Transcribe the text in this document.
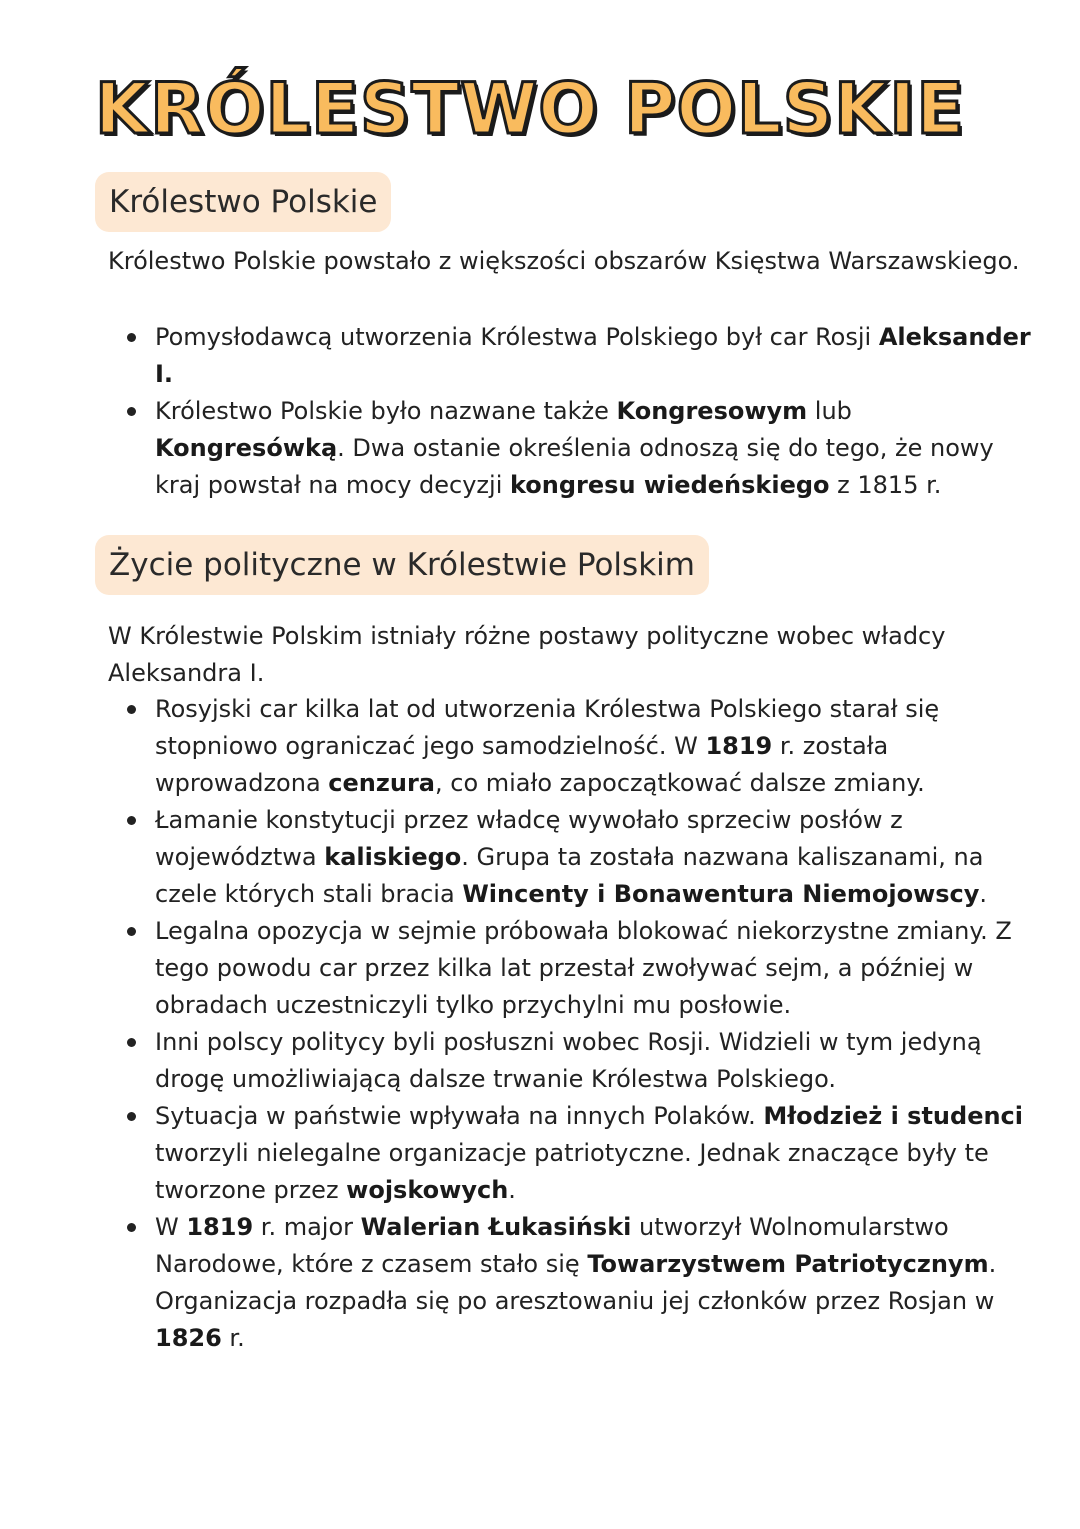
KRÓLESTWO POLSKIE
Królestwo Polskie

Królestwo Polskie powstało z większości obszarów Księstwa Warszawskiego.

Pomysłodawcą utworzenia Królestwa Polskiego był car Rosji Aleksander I.
Królestwo Polskie było nazwane także Kongresowym lub Kongresówką. Dwa ostanie określenia odnoszą się do tego, że nowy kraj powstał na mocy decyzji kongresu wiedeńskiego z 1815 r.
Życie polityczne w Królestwie Polskim

W Królestwie Polskim istniały różne postawy polityczne wobec władcy Aleksandra I.

Rosyjski car kilka lat od utworzenia Królestwa Polskiego starał się stopniowo ograniczać jego samodzielność. W 1819 r. została wprowadzona cenzura, co miało zapoczątkować dalsze zmiany.
Łamanie konstytucji przez władcę wywołało sprzeciw posłów z województwa kaliskiego. Grupa ta została nazwana kaliszanami, na czele których stali bracia Wincenty i Bonawentura Niemojowscy.
Legalna opozycja w sejmie próbowała blokować niekorzystne zmiany. Z tego powodu car przez kilka lat przestał zwoływać sejm, a później w obradach uczestniczyli tylko przychylni mu posłowie.
Inni polscy politycy byli posłuszni wobec Rosji. Widzieli w tym jedyną drogę umożliwiającą dalsze trwanie Królestwa Polskiego.
Sytuacja w państwie wpływała na innych Polaków. Młodzież i studenci tworzyli nielegalne organizacje patriotyczne. Jednak znaczące były te tworzone przez wojskowych.
W 1819 r. major Walerian Łukasiński utworzył Wolnomularstwo Narodowe, które z czasem stało się Towarzystwem Patriotycznym. Organizacja rozpadła się po aresztowaniu jej członków przez Rosjan w 1826 r.
